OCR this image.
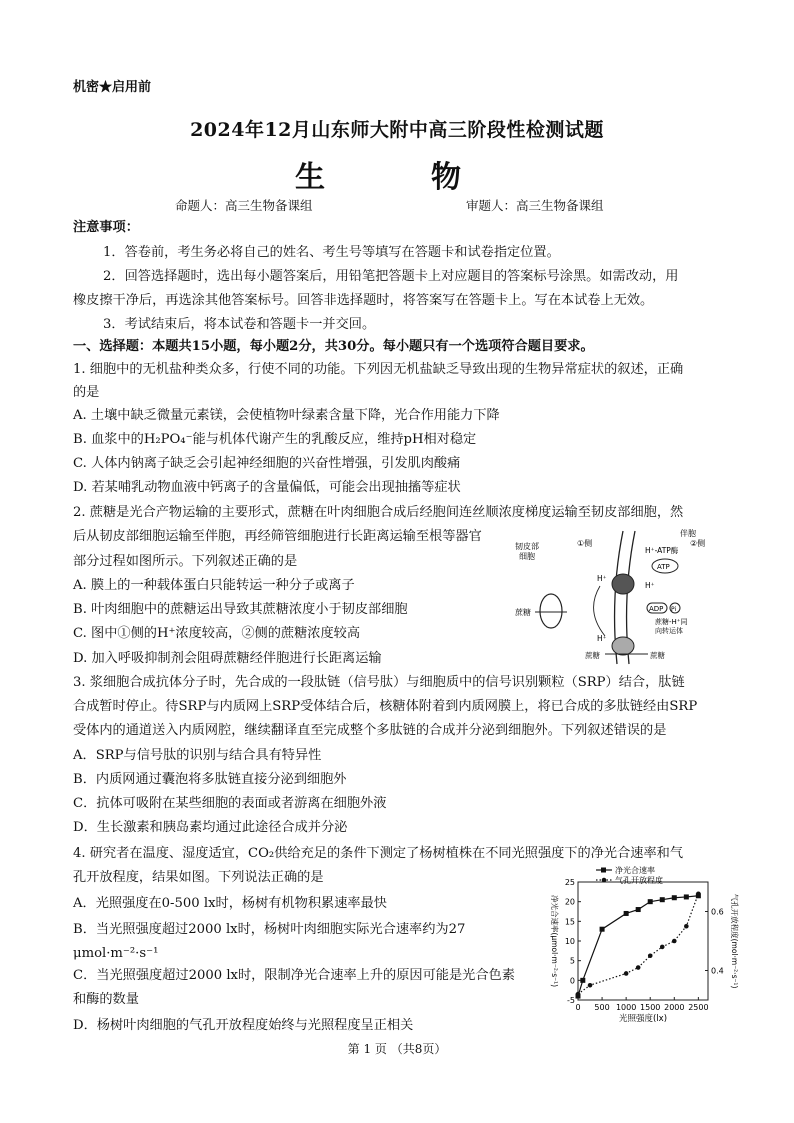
机密★启用前
2024年12月山东师大附中高三阶段性检测试题
生　物
命题人：高三生物备课组	审题人：高三生物备课组
注意事项：
1．答卷前，考生务必将自己的姓名、考生号等填写在答题卡和试卷指定位置。
2．回答选择题时，选出每小题答案后，用铅笔把答题卡上对应题目的答案标号涂黑。如需改动，用
橡皮擦干净后，再选涂其他答案标号。回答非选择题时，将答案写在答题卡上。写在本试卷上无效。
3．考试结束后，将本试卷和答题卡一并交回。
一、选择题：本题共15小题，每小题2分，共30分。每小题只有一个选项符合题目要求。
1. 细胞中的无机盐种类众多，行使不同的功能。下列因无机盐缺乏导致出现的生物异常症状的叙述，正确
的是
A. 土壤中缺乏微量元素镁，会使植物叶绿素含量下降，光合作用能力下降
B. 血浆中的H₂PO₄⁻能与机体代谢产生的乳酸反应，维持pH相对稳定
C. 人体内钠离子缺乏会引起神经细胞的兴奋性增强，引发肌肉酸痛
D. 若某哺乳动物血液中钙离子的含量偏低，可能会出现抽搐等症状
2. 蔗糖是光合产物运输的主要形式，蔗糖在叶肉细胞合成后经胞间连丝顺浓度梯度运输至韧皮部细胞，然
后从韧皮部细胞运输至伴胞，再经筛管细胞进行长距离运输至根等器官
部分过程如图所示。下列叙述正确的是
A. 膜上的一种载体蛋白只能转运一种分子或离子
B. 叶肉细胞中的蔗糖运出导致其蔗糖浓度小于韧皮部细胞
C. 图中①侧的H⁺浓度较高，②侧的蔗糖浓度较高
D. 加入呼吸抑制剂会阻碍蔗糖经伴胞进行长距离运输
韧皮部
细胞
①侧
伴胞
②侧
蔗糖
H⁺-ATP酶
ATP
H⁺
H⁺
ADP Pi
蔗糖-H⁺同
向转运体
H⁺
蔗糖	蔗糖
3. 浆细胞合成抗体分子时，先合成的一段肽链（信号肽）与细胞质中的信号识别颗粒（SRP）结合，肽链
合成暂时停止。待SRP与内质网上SRP受体结合后，核糖体附着到内质网膜上，将已合成的多肽链经由SRP
受体内的通道送入内质网腔，继续翻译直至完成整个多肽链的合成并分泌到细胞外。下列叙述错误的是
A．SRP与信号肽的识别与结合具有特异性
B．内质网通过囊泡将多肽链直接分泌到细胞外
C．抗体可吸附在某些细胞的表面或者游离在细胞外液
D．生长激素和胰岛素均通过此途径合成并分泌
4. 研究者在温度、湿度适宜，CO₂供给充足的条件下测定了杨树植株在不同光照强度下的净光合速率和气
孔开放程度，结果如图。下列说法正确的是
A．光照强度在0-500 lx时，杨树有机物积累速率最快
B．当光照强度超过2000 lx时，杨树叶肉细胞实际光合速率约为27
μmol·m⁻²·s⁻¹
C．当光照强度超过2000 lx时，限制净光合速率上升的原因可能是光合色素
和酶的数量
D．杨树叶肉细胞的气孔开放程度始终与光照程度呈正相关
0 500 1000 1500 2000 2500
-5
0
5
10
15
20
25
0.4
0.6
光照强度(lx)
净光合速率(μmol·m⁻²·s⁻¹)	气孔开放程度(mol·m⁻²·s⁻¹)
净光合速率
气孔开放程度
第 1 页 （共8页）
